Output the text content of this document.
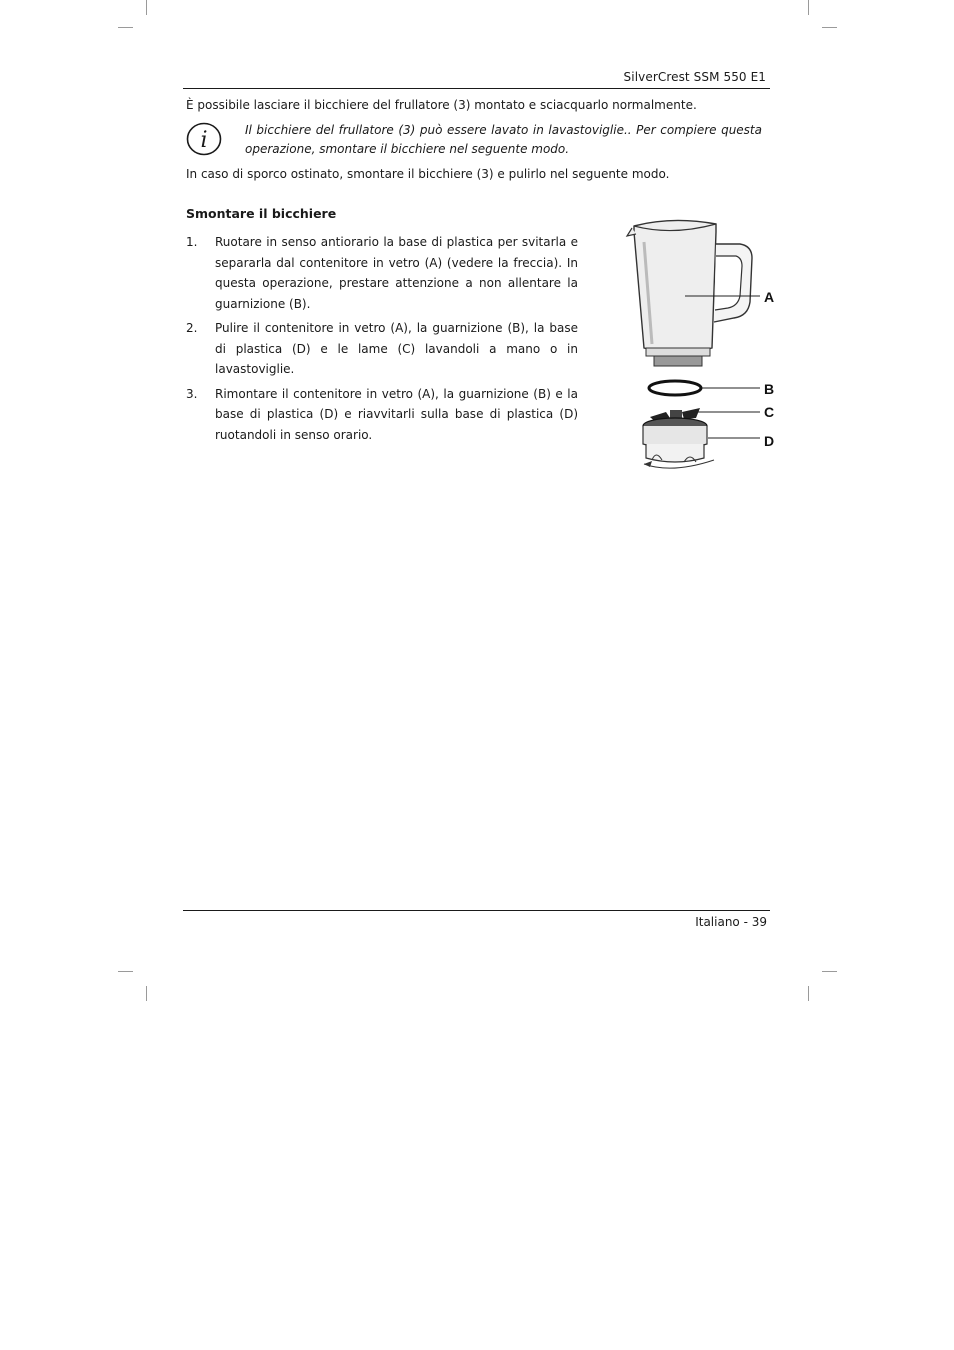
SilverCrest SSM 550 E1
È possibile lasciare il bicchiere del frullatore (3) montato e sciacquarlo normalmente.
i	Il bicchiere del frullatore (3) può essere lavato in lavastoviglie.. Per compiere questa operazione, smontare il bicchiere nel seguente modo.
In caso di sporco ostinato, smontare il bicchiere (3) e pulirlo nel seguente modo.
Smontare il bicchiere
1. Ruotare in senso antiorario la base di plastica per svitarla e separarla dal contenitore in vetro (A) (vedere la freccia). In questa operazione, prestare attenzione a non allentare la guarnizione (B).
2. Pulire il contenitore in vetro (A), la guarnizione (B), la base di plastica (D) e le lame (C) lavandoli a mano o in lavastoviglie.
3. Rimontare il contenitore in vetro (A), la guarnizione (B) e la base di plastica (D) e riavvitarli sulla base di plastica (D) ruotandoli in senso orario.
A
B
C
D
Italiano - 39
